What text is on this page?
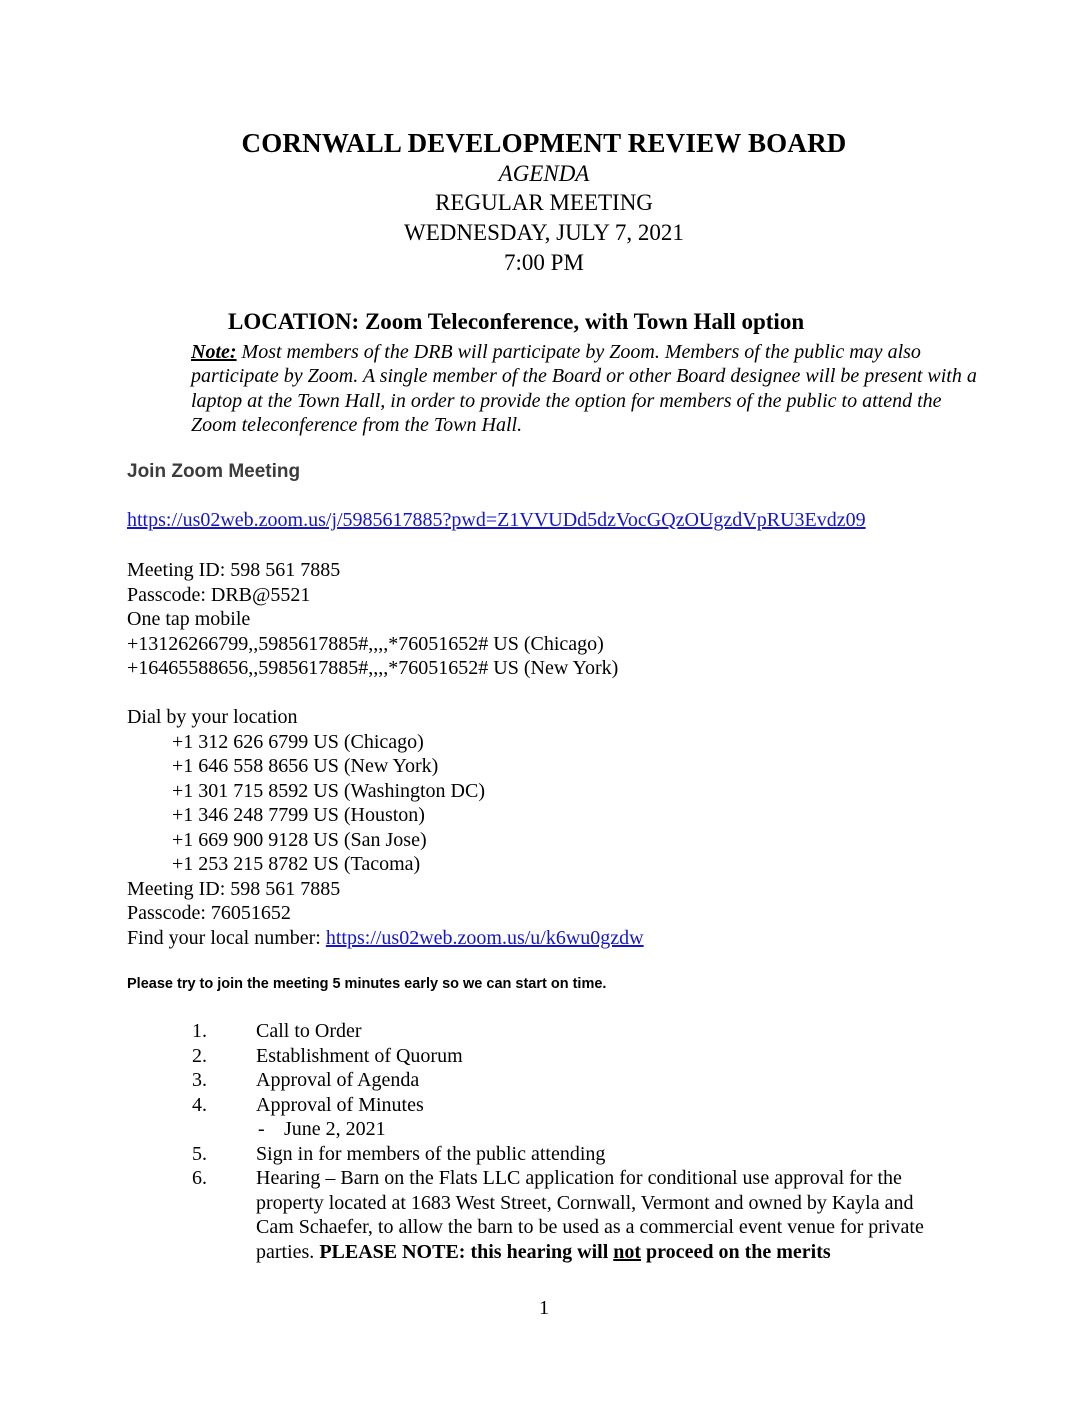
CORNWALL DEVELOPMENT REVIEW BOARD
AGENDA
REGULAR MEETING
WEDNESDAY, JULY 7, 2021
7:00 PM
LOCATION: Zoom Teleconference, with Town Hall option
Note: Most members of the DRB will participate by Zoom. Members of the public may also participate by Zoom. A single member of the Board or other Board designee will be present with a laptop at the Town Hall, in order to provide the option for members of the public to attend the Zoom teleconference from the Town Hall.
Join Zoom Meeting
https://us02web.zoom.us/j/5985617885?pwd=Z1VVUDd5dzVocGQzOUgzdVpRU3Evdz09
Meeting ID: 598 561 7885
Passcode: DRB@5521
One tap mobile
+13126266799,,5985617885#,,,,*76051652# US (Chicago)
+16465588656,,5985617885#,,,,*76051652# US (New York)
Dial by your location
+1 312 626 6799 US (Chicago)
+1 646 558 8656 US (New York)
+1 301 715 8592 US (Washington DC)
+1 346 248 7799 US (Houston)
+1 669 900 9128 US (San Jose)
+1 253 215 8782 US (Tacoma)
Meeting ID: 598 561 7885
Passcode: 76051652
Find your local number: https://us02web.zoom.us/u/k6wu0gzdw
Please try to join the meeting 5 minutes early so we can start on time.
1. Call to Order
2. Establishment of Quorum
3. Approval of Agenda
4. Approval of Minutes
- June 2, 2021
5. Sign in for members of the public attending
6. Hearing – Barn on the Flats LLC application for conditional use approval for the property located at 1683 West Street, Cornwall, Vermont and owned by Kayla and Cam Schaefer, to allow the barn to be used as a commercial event venue for private parties. PLEASE NOTE: this hearing will not proceed on the merits
1
